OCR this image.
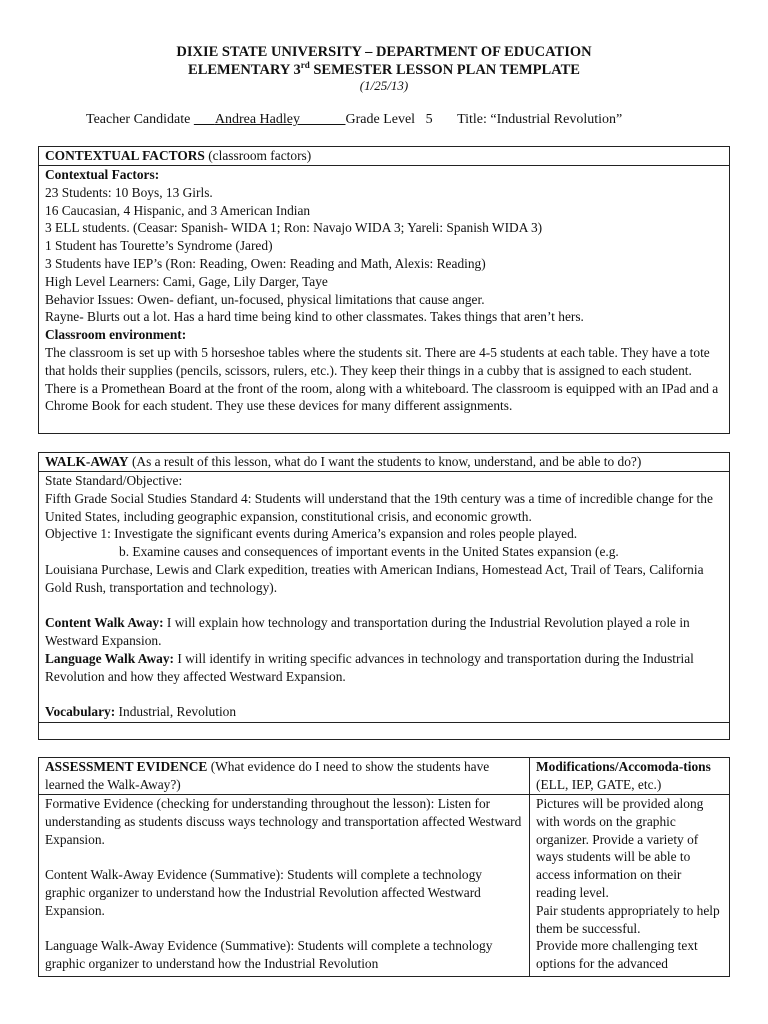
DIXIE STATE UNIVERSITY – DEPARTMENT OF EDUCATION
ELEMENTARY 3rd SEMESTER LESSON PLAN TEMPLATE
(1/25/13)
Teacher Candidate Andrea Hadley	Grade Level 5 Title: “Industrial Revolution”
CONTEXTUAL FACTORS (classroom factors)
Contextual Factors:
23 Students: 10 Boys, 13 Girls.
16 Caucasian, 4 Hispanic, and 3 American Indian
3 ELL students. (Ceasar: Spanish- WIDA 1; Ron: Navajo WIDA 3; Yareli: Spanish WIDA 3)
1 Student has Tourette’s Syndrome (Jared)
3 Students have IEP’s (Ron: Reading, Owen: Reading and Math, Alexis: Reading)
High Level Learners: Cami, Gage, Lily Darger, Taye
Behavior Issues: Owen- defiant, un-focused, physical limitations that cause anger.
Rayne- Blurts out a lot. Has a hard time being kind to other classmates. Takes things that aren’t hers.
Classroom environment:
The classroom is set up with 5 horseshoe tables where the students sit. There are 4-5 students at each table. They have a tote that holds their supplies (pencils, scissors, rulers, etc.). They keep their things in a cubby that is assigned to each student. There is a Promethean Board at the front of the room, along with a whiteboard. The classroom is equipped with an IPad and a Chrome Book for each student. They use these devices for many different assignments.
WALK-AWAY (As a result of this lesson, what do I want the students to know, understand, and be able to do?)
State Standard/Objective:
Fifth Grade Social Studies Standard 4: Students will understand that the 19th century was a time of incredible change for the United States, including geographic expansion, constitutional crisis, and economic growth.
Objective 1: Investigate the significant events during America’s expansion and roles people played.
b. Examine causes and consequences of important events in the United States expansion (e.g.
Louisiana Purchase, Lewis and Clark expedition, treaties with American Indians, Homestead Act, Trail of Tears, California Gold Rush, transportation and technology).
Content Walk Away: I will explain how technology and transportation during the Industrial Revolution played a role in Westward Expansion.
Language Walk Away: I will identify in writing specific advances in technology and transportation during the Industrial Revolution and how they affected Westward Expansion.
Vocabulary: Industrial, Revolution
ASSESSMENT EVIDENCE (What evidence do I need to show the students have learned the Walk-Away?)
Formative Evidence (checking for understanding throughout the lesson): Listen for understanding as students discuss ways technology and transportation affected Westward Expansion.
Content Walk-Away Evidence (Summative): Students will complete a technology graphic organizer to understand how the Industrial Revolution affected Westward Expansion.
Language Walk-Away Evidence (Summative): Students will complete a technology graphic organizer to understand how the Industrial Revolution
Modifications/Accomoda-tions (ELL, IEP, GATE, etc.)
Pictures will be provided along with words on the graphic organizer. Provide a variety of ways students will be able to access information on their reading level.
Pair students appropriately to help them be successful.
Provide more challenging text options for the advanced
